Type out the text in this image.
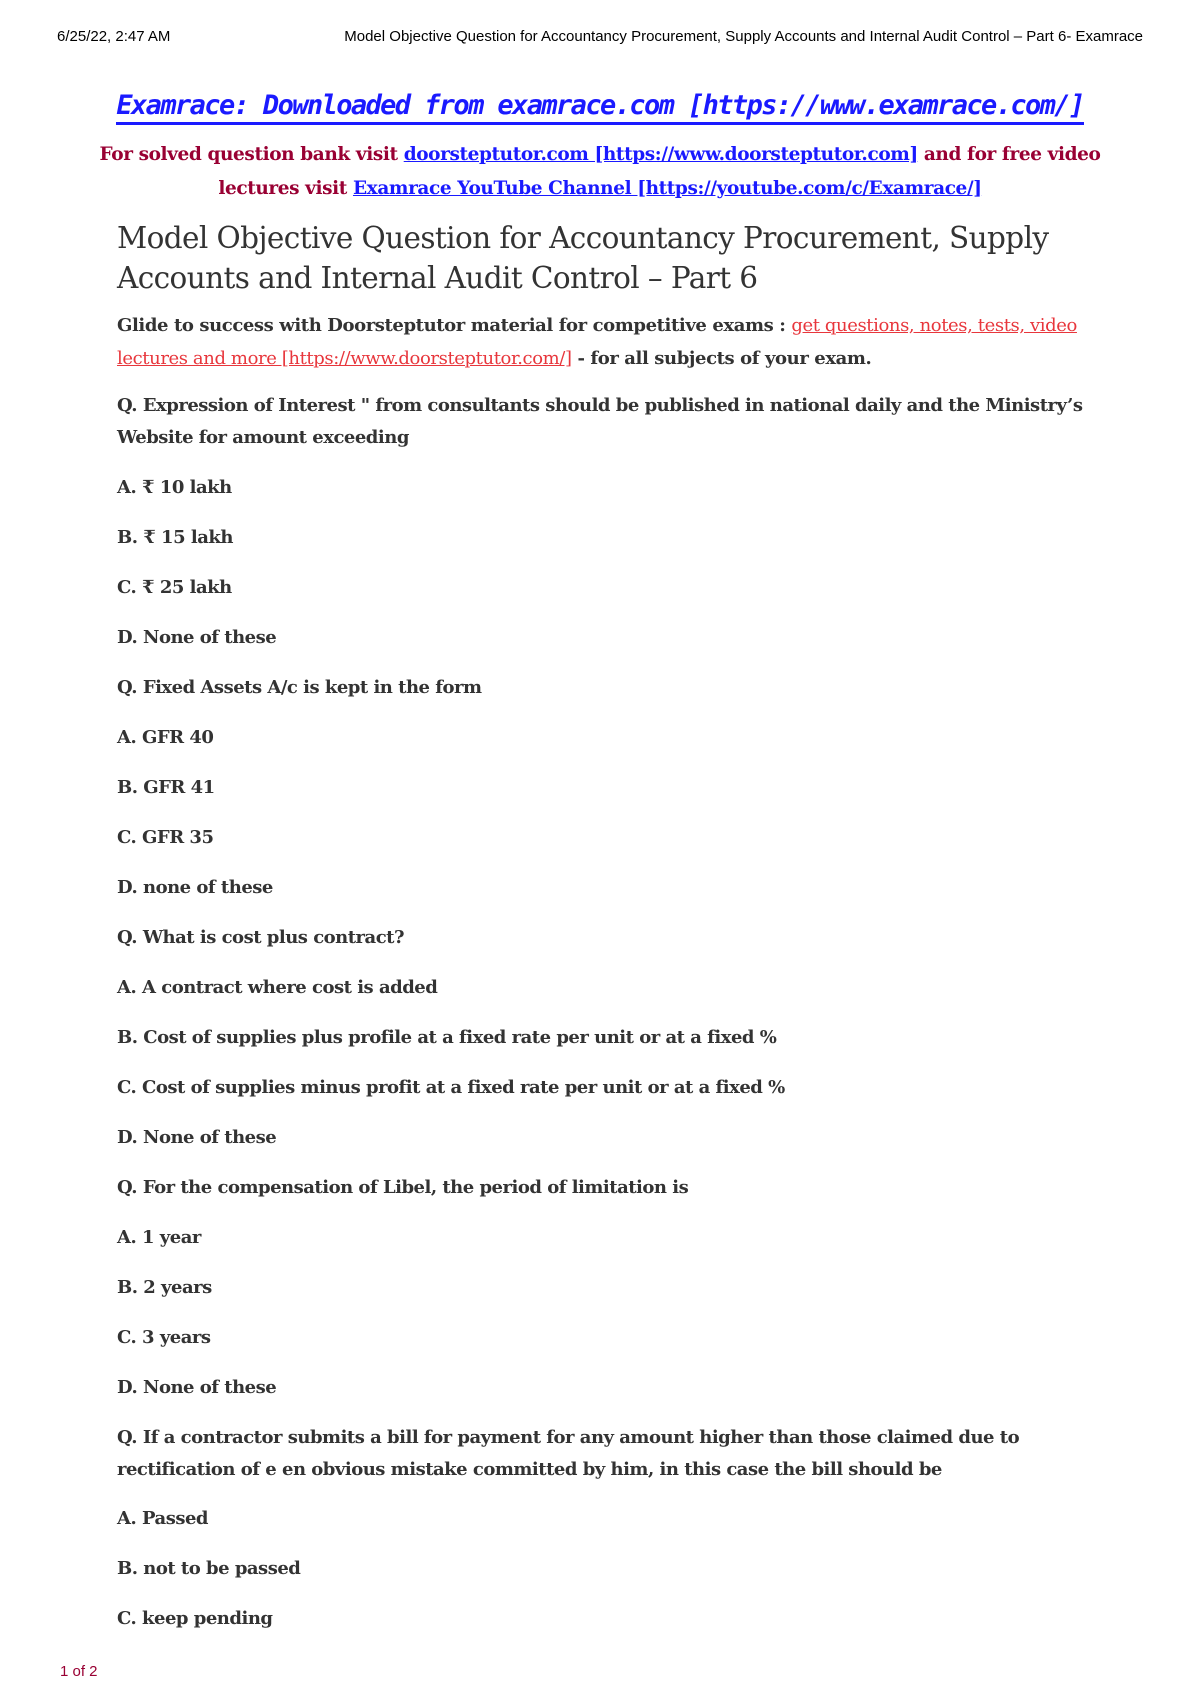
6/25/22, 2:47 AM	Model Objective Question for Accountancy Procurement, Supply Accounts and Internal Audit Control – Part 6- Examrace
Examrace: Downloaded from examrace.com [https://www.examrace.com/]
For solved question bank visit doorsteptutor.com [https://www.doorsteptutor.com] and for free video lectures visit Examrace YouTube Channel [https://youtube.com/c/Examrace/]
Model Objective Question for Accountancy Procurement, Supply Accounts and Internal Audit Control – Part 6

Glide to success with Doorsteptutor material for competitive exams : get questions, notes, tests, video lectures and more [https://www.doorsteptutor.com/] - for all subjects of your exam.

Q. Expression of Interest " from consultants should be published in national daily and the Ministry’s Website for amount exceeding

A. ₹ 10 lakh

B. ₹ 15 lakh

C. ₹ 25 lakh

D. None of these

Q. Fixed Assets A/c is kept in the form

A. GFR 40

B. GFR 41

C. GFR 35

D. none of these

Q. What is cost plus contract?

A. A contract where cost is added

B. Cost of supplies plus profile at a fixed rate per unit or at a fixed %

C. Cost of supplies minus profit at a fixed rate per unit or at a fixed %

D. None of these

Q. For the compensation of Libel, the period of limitation is

A. 1 year

B. 2 years

C. 3 years

D. None of these

Q. If a contractor submits a bill for payment for any amount higher than those claimed due to rectification of e en obvious mistake committed by him, in this case the bill should be

A. Passed

B. not to be passed

C. keep pending

1 of 2
